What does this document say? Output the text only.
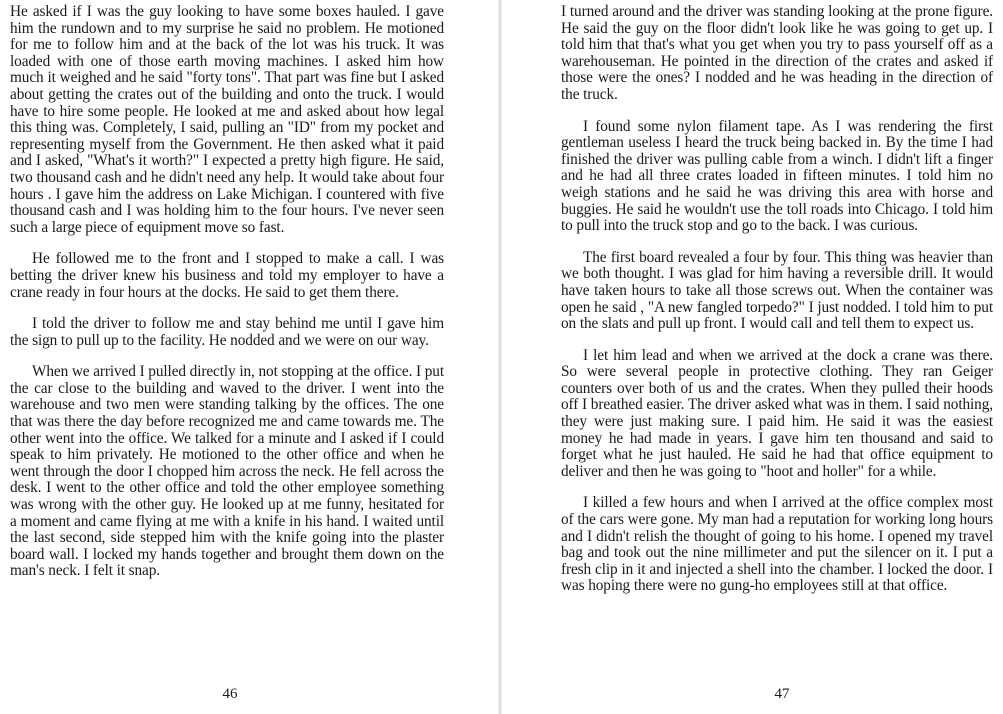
He asked if I was the guy looking to have some boxes hauled. I gave him the rundown and to my surprise he said no problem. He motioned for me to follow him and at the back of the lot was his truck. It was loaded with one of those earth moving machines. I asked him how much it weighed and he said "forty tons". That part was fine but I asked about getting the crates out of the building and onto the truck. I would have to hire some people. He looked at me and asked about how legal this thing was. Completely, I said, pulling an "ID" from my pocket and representing myself from the Government. He then asked what it paid and I asked, "What's it worth?" I expected a pretty high figure. He said, two thousand cash and he didn't need any help. It would take about four hours . I gave him the address on Lake Michigan. I countered with five thousand cash and I was holding him to the four hours. I've never seen such a large piece of equipment move so fast.

He followed me to the front and I stopped to make a call. I was betting the driver knew his business and told my employer to have a crane ready in four hours at the docks. He said to get them there.

I told the driver to follow me and stay behind me until I gave him the sign to pull up to the facility. He nodded and we were on our way.

When we arrived I pulled directly in, not stopping at the office. I put the car close to the building and waved to the driver. I went into the warehouse and two men were standing talking by the offices. The one that was there the day before recognized me and came towards me. The other went into the office. We talked for a minute and I asked if I could speak to him privately. He motioned to the other office and when he went through the door I chopped him across the neck. He fell across the desk. I went to the other office and told the other employee something was wrong with the other guy. He looked up at me funny, hesitated for a moment and came flying at me with a knife in his hand. I waited until the last second, side stepped him with the knife going into the plaster board wall. I locked my hands together and brought them down on the man's neck. I felt it snap.

46

I turned around and the driver was standing looking at the prone figure. He said the guy on the floor didn't look like he was going to get up. I told him that that's what you get when you try to pass yourself off as a warehouseman. He pointed in the direction of the crates and asked if those were the ones? I nodded and he was heading in the direction of the truck.

I found some nylon filament tape. As I was rendering the first gentleman useless I heard the truck being backed in. By the time I had finished the driver was pulling cable from a winch. I didn't lift a finger and he had all three crates loaded in fifteen minutes. I told him no weigh stations and he said he was driving this area with horse and buggies. He said he wouldn't use the toll roads into Chicago. I told him to pull into the truck stop and go to the back. I was curious.

The first board revealed a four by four. This thing was heavier than we both thought. I was glad for him having a reversible drill. It would have taken hours to take all those screws out. When the container was open he said , "A new fangled torpedo?" I just nodded. I told him to put on the slats and pull up front. I would call and tell them to expect us.

I let him lead and when we arrived at the dock a crane was there. So were several people in protective clothing. They ran Geiger counters over both of us and the crates. When they pulled their hoods off I breathed easier. The driver asked what was in them. I said nothing, they were just making sure. I paid him. He said it was the easiest money he had made in years. I gave him ten thousand and said to forget what he just hauled. He said he had that office equipment to deliver and then he was going to "hoot and holler" for a while.

I killed a few hours and when I arrived at the office complex most of the cars were gone. My man had a reputation for working long hours and I didn't relish the thought of going to his home. I opened my travel bag and took out the nine millimeter and put the silencer on it. I put a fresh clip in it and injected a shell into the chamber. I locked the door. I was hoping there were no gung-ho employees still at that office.

47
